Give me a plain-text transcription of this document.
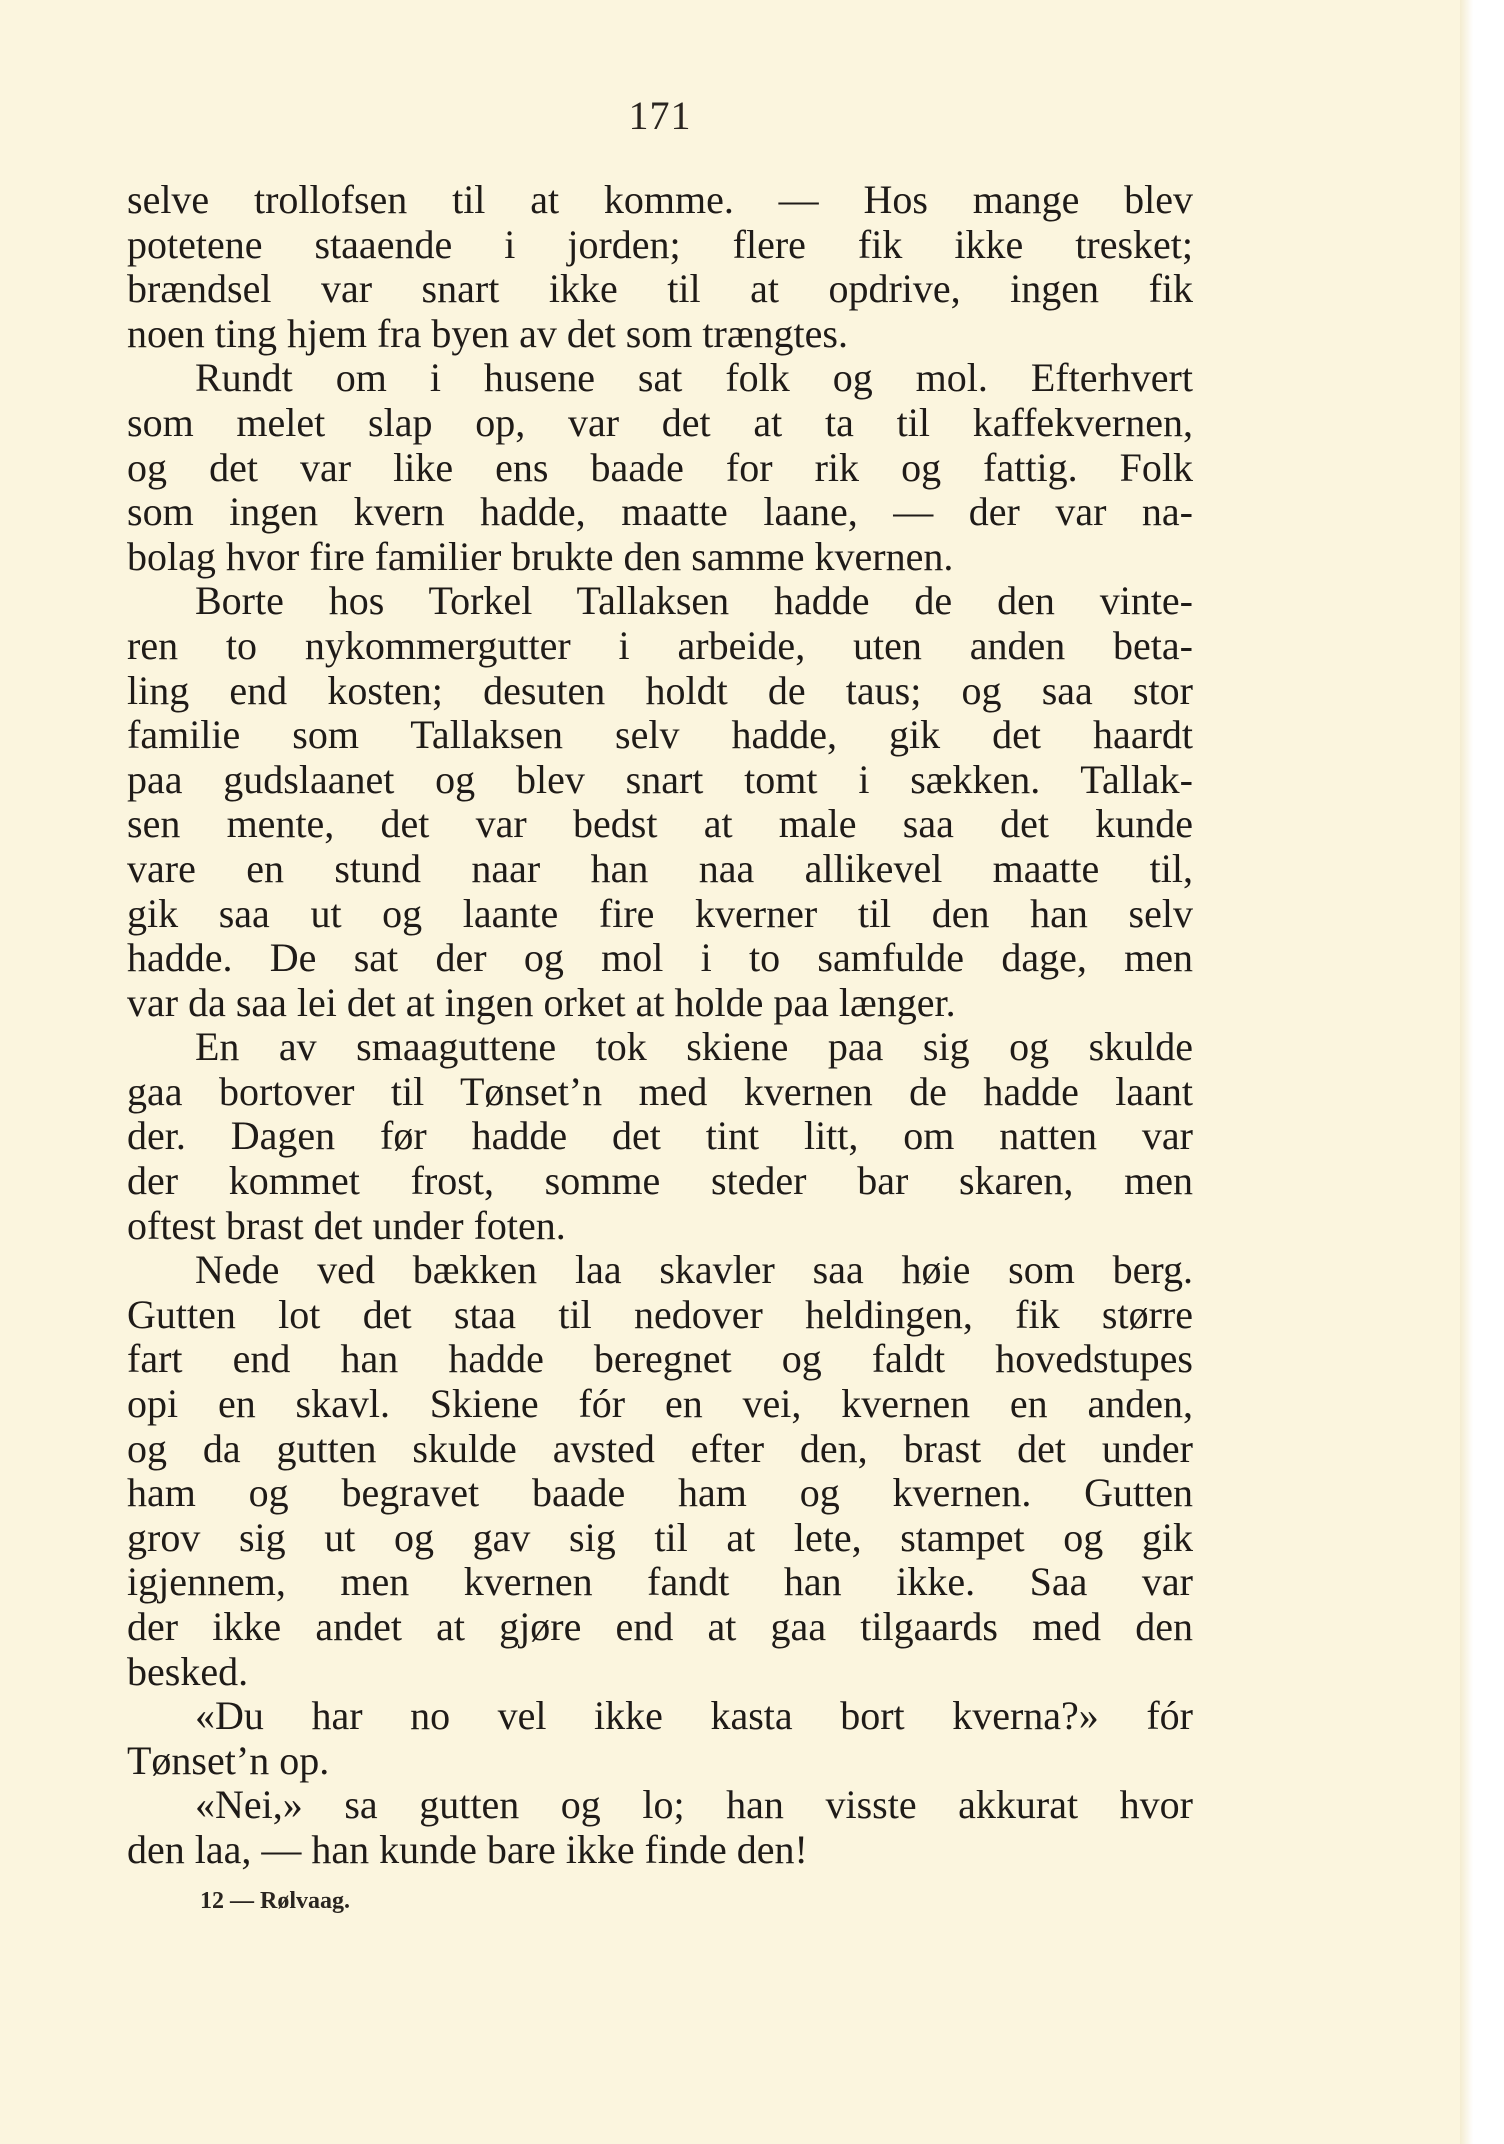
171
selve trollofsen til at komme. — Hos mange blev
potetene staaende i jorden; flere fik ikke tresket;
brændsel var snart ikke til at opdrive, ingen fik
noen ting hjem fra byen av det som trængtes.
Rundt om i husene sat folk og mol. Efterhvert
som melet slap op, var det at ta til kaffekvernen,
og det var like ens baade for rik og fattig. Folk
som ingen kvern hadde, maatte laane, — der var na-
bolag hvor fire familier brukte den samme kvernen.
Borte hos Torkel Tallaksen hadde de den vinte-
ren to nykommergutter i arbeide, uten anden beta-
ling end kosten; desuten holdt de taus; og saa stor
familie som Tallaksen selv hadde, gik det haardt
paa gudslaanet og blev snart tomt i sækken. Tallak-
sen mente, det var bedst at male saa det kunde
vare en stund naar han naa allikevel maatte til,
gik saa ut og laante fire kverner til den han selv
hadde. De sat der og mol i to samfulde dage, men
var da saa lei det at ingen orket at holde paa længer.
En av smaaguttene tok skiene paa sig og skulde
gaa bortover til Tønset’n med kvernen de hadde laant
der. Dagen før hadde det tint litt, om natten var
der kommet frost, somme steder bar skaren, men
oftest brast det under foten.
Nede ved bækken laa skavler saa høie som berg.
Gutten lot det staa til nedover heldingen, fik større
fart end han hadde beregnet og faldt hovedstupes
opi en skavl. Skiene fór en vei, kvernen en anden,
og da gutten skulde avsted efter den, brast det under
ham og begravet baade ham og kvernen. Gutten
grov sig ut og gav sig til at lete, stampet og gik
igjennem, men kvernen fandt han ikke. Saa var
der ikke andet at gjøre end at gaa tilgaards med den
besked.
«Du har no vel ikke kasta bort kverna?» fór
Tønset’n op.
«Nei,» sa gutten og lo; han visste akkurat hvor
den laa, — han kunde bare ikke finde den!
12 — Rølvaag.
